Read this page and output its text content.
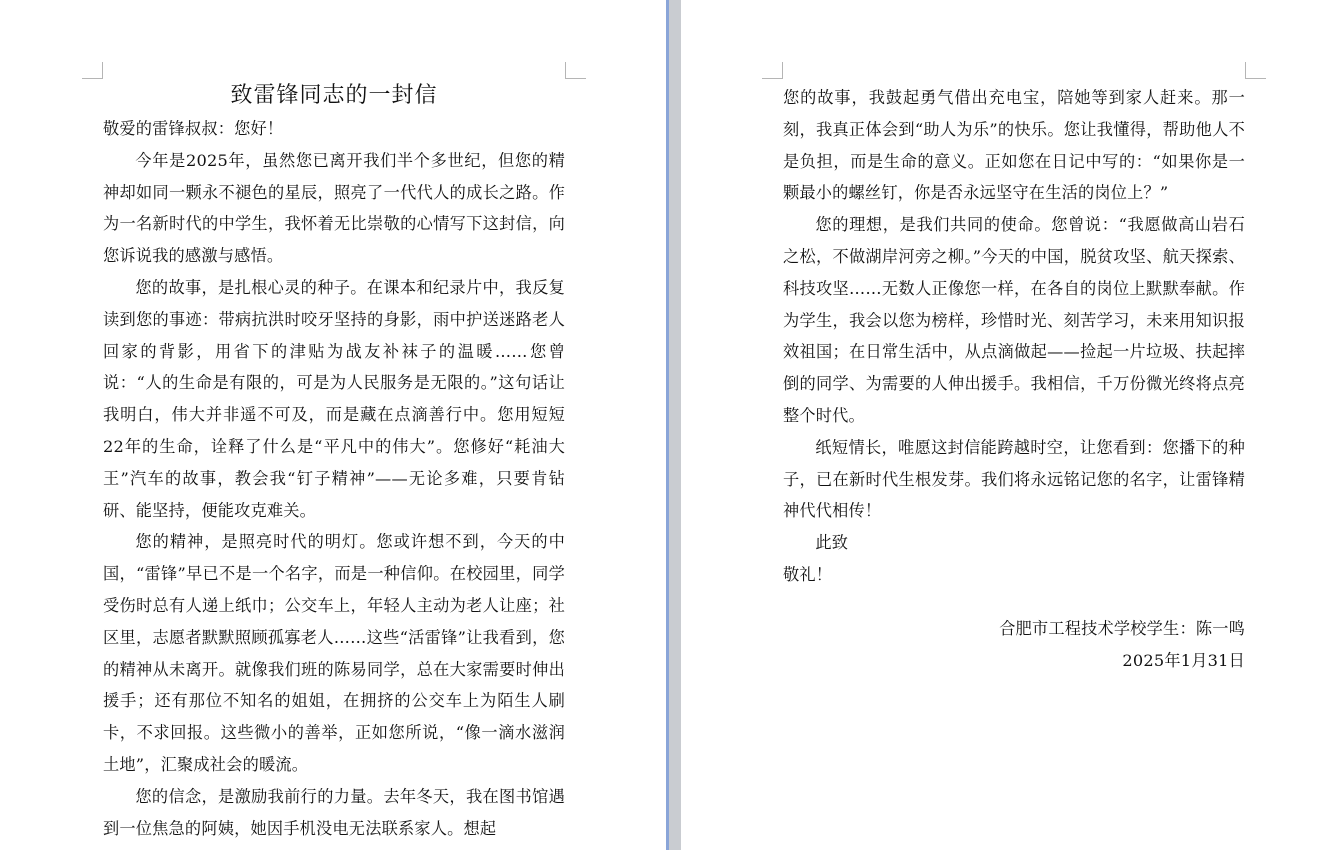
致雷锋同志的一封信

敬爱的雷锋叔叔：您好！

今年是2025年，虽然您已离开我们半个多世纪，但您的精神却如同一颗永不褪色的星辰，照亮了一代代人的成长之路。作为一名新时代的中学生，我怀着无比崇敬的心情写下这封信，向您诉说我的感激与感悟。

您的故事，是扎根心灵的种子。在课本和纪录片中，我反复读到您的事迹：带病抗洪时咬牙坚持的身影，雨中护送迷路老人回家的背影，用省下的津贴为战友补袜子的温暖……您曾说：“人的生命是有限的，可是为人民服务是无限的。”这句话让我明白，伟大并非遥不可及，而是藏在点滴善行中。您用短短22年的生命，诠释了什么是“平凡中的伟大”。您修好“耗油大王”汽车的故事，教会我“钉子精神”——无论多难，只要肯钻研、能坚持，便能攻克难关。

您的精神，是照亮时代的明灯。您或许想不到，今天的中国，“雷锋”早已不是一个名字，而是一种信仰。在校园里，同学受伤时总有人递上纸巾；公交车上，年轻人主动为老人让座；社区里，志愿者默默照顾孤寡老人……这些“活雷锋”让我看到，您的精神从未离开。就像我们班的陈易同学，总在大家需要时伸出援手；还有那位不知名的姐姐，在拥挤的公交车上为陌生人刷卡，不求回报。这些微小的善举，正如您所说，“像一滴水滋润土地”，汇聚成社会的暖流。

您的信念，是激励我前行的力量。去年冬天，我在图书馆遇到一位焦急的阿姨，她因手机没电无法联系家人。想起

您的故事，我鼓起勇气借出充电宝，陪她等到家人赶来。那一刻，我真正体会到“助人为乐”的快乐。您让我懂得，帮助他人不是负担，而是生命的意义。正如您在日记中写的：“如果你是一颗最小的螺丝钉，你是否永远坚守在生活的岗位上？”

您的理想，是我们共同的使命。您曾说：“我愿做高山岩石之松，不做湖岸河旁之柳。”今天的中国，脱贫攻坚、航天探索、科技攻坚……无数人正像您一样，在各自的岗位上默默奉献。作为学生，我会以您为榜样，珍惜时光、刻苦学习，未来用知识报效祖国；在日常生活中，从点滴做起——捡起一片垃圾、扶起摔倒的同学、为需要的人伸出援手。我相信，千万份微光终将点亮整个时代。

纸短情长，唯愿这封信能跨越时空，让您看到：您播下的种子，已在新时代生根发芽。我们将永远铭记您的名字，让雷锋精神代代相传！

此致

敬礼！

合肥市工程技术学校学生：陈一鸣

2025年1月31日
